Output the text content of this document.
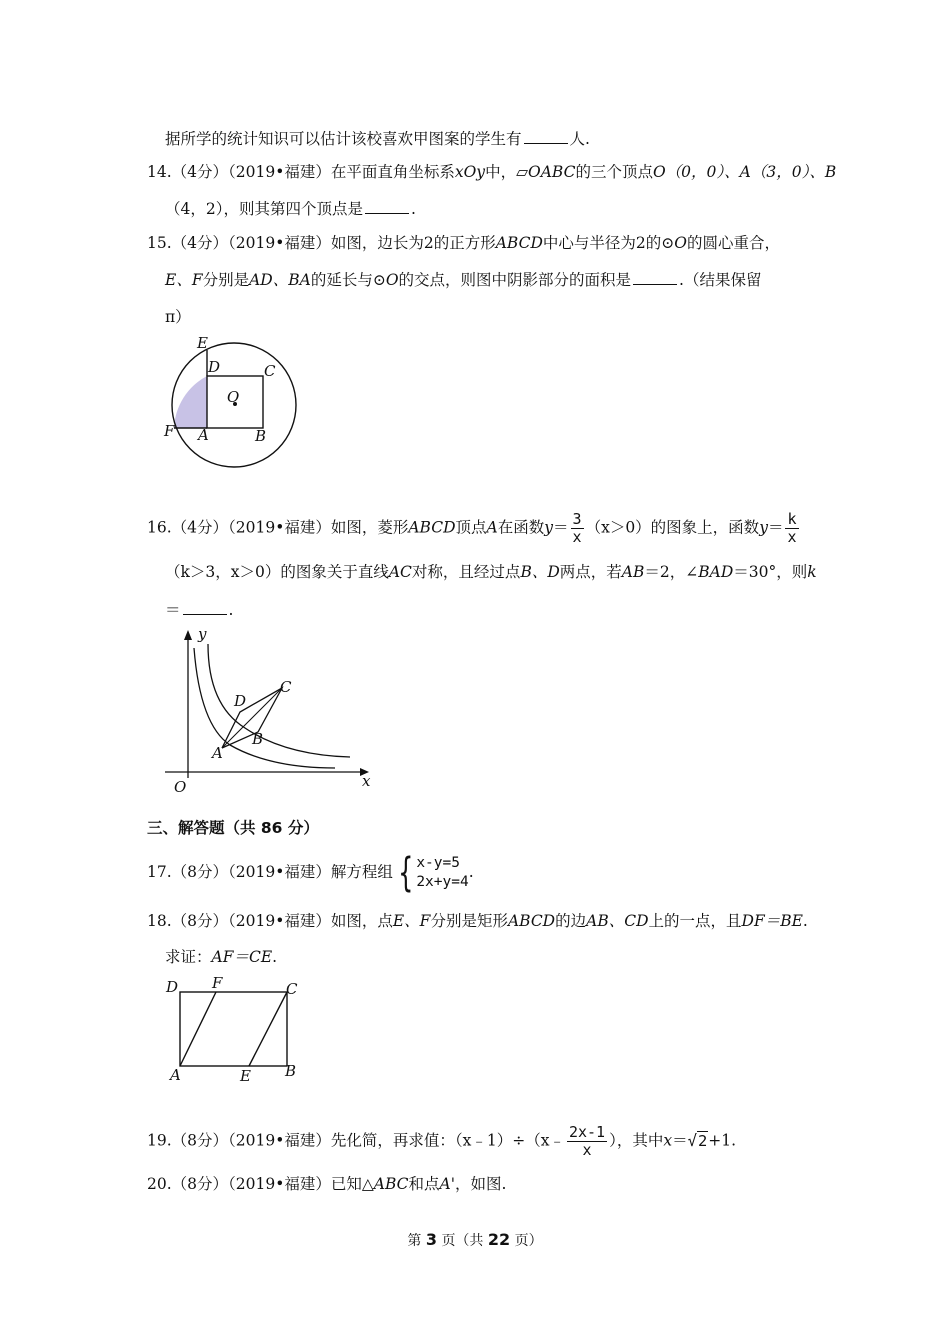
据所学的统计知识可以估计该校喜欢甲图案的学生有	人.
14.（4分）（2019•福建）在平面直角坐标系xOy中，▱OABC的三个顶点O（0，0）、A（3，0）、B
（4，2），则其第四个顶点是	.
15.（4分）（2019•福建）如图，边长为2的正方形ABCD中心与半径为2的⊙O的圆心重合，
E、F分别是AD、BA的延长与⊙O的交点，则图中阴影部分的面积是	.（结果保留
π）
E
D	C
O
F A	B
16.（4分）（2019•福建）如图，菱形ABCD顶点A在函数$y= \frac{3}{x} (x>0)$的图象上，函数$y= \frac{k}{x}$
（k＞3，x＞0）的图象关于直线AC对称，且经过点B、D两点，若AB＝2，∠BAD＝30°，则k
＝	.
y
D
C
B
A
O	x
三、解答题（共 86 分）
17.（8分）（2019•福建）解方程组 { x-y=5
2x+y=4
.
18.（8分）（2019•福建）如图，点E、F分别是矩形ABCD的边AB、CD上的一点，且DF＝BE.
求证：AF＝CE.
D F	C
A	E B
19.（8分）（2019•福建）先化简，再求值：（x﹣1）÷（x﹣ $\frac{2x-1}{x}$ ），其中x＝√2+1.
20.（8分）（2019•福建）已知△ABC和点A'，如图.
第 3 页（共 22 页）
